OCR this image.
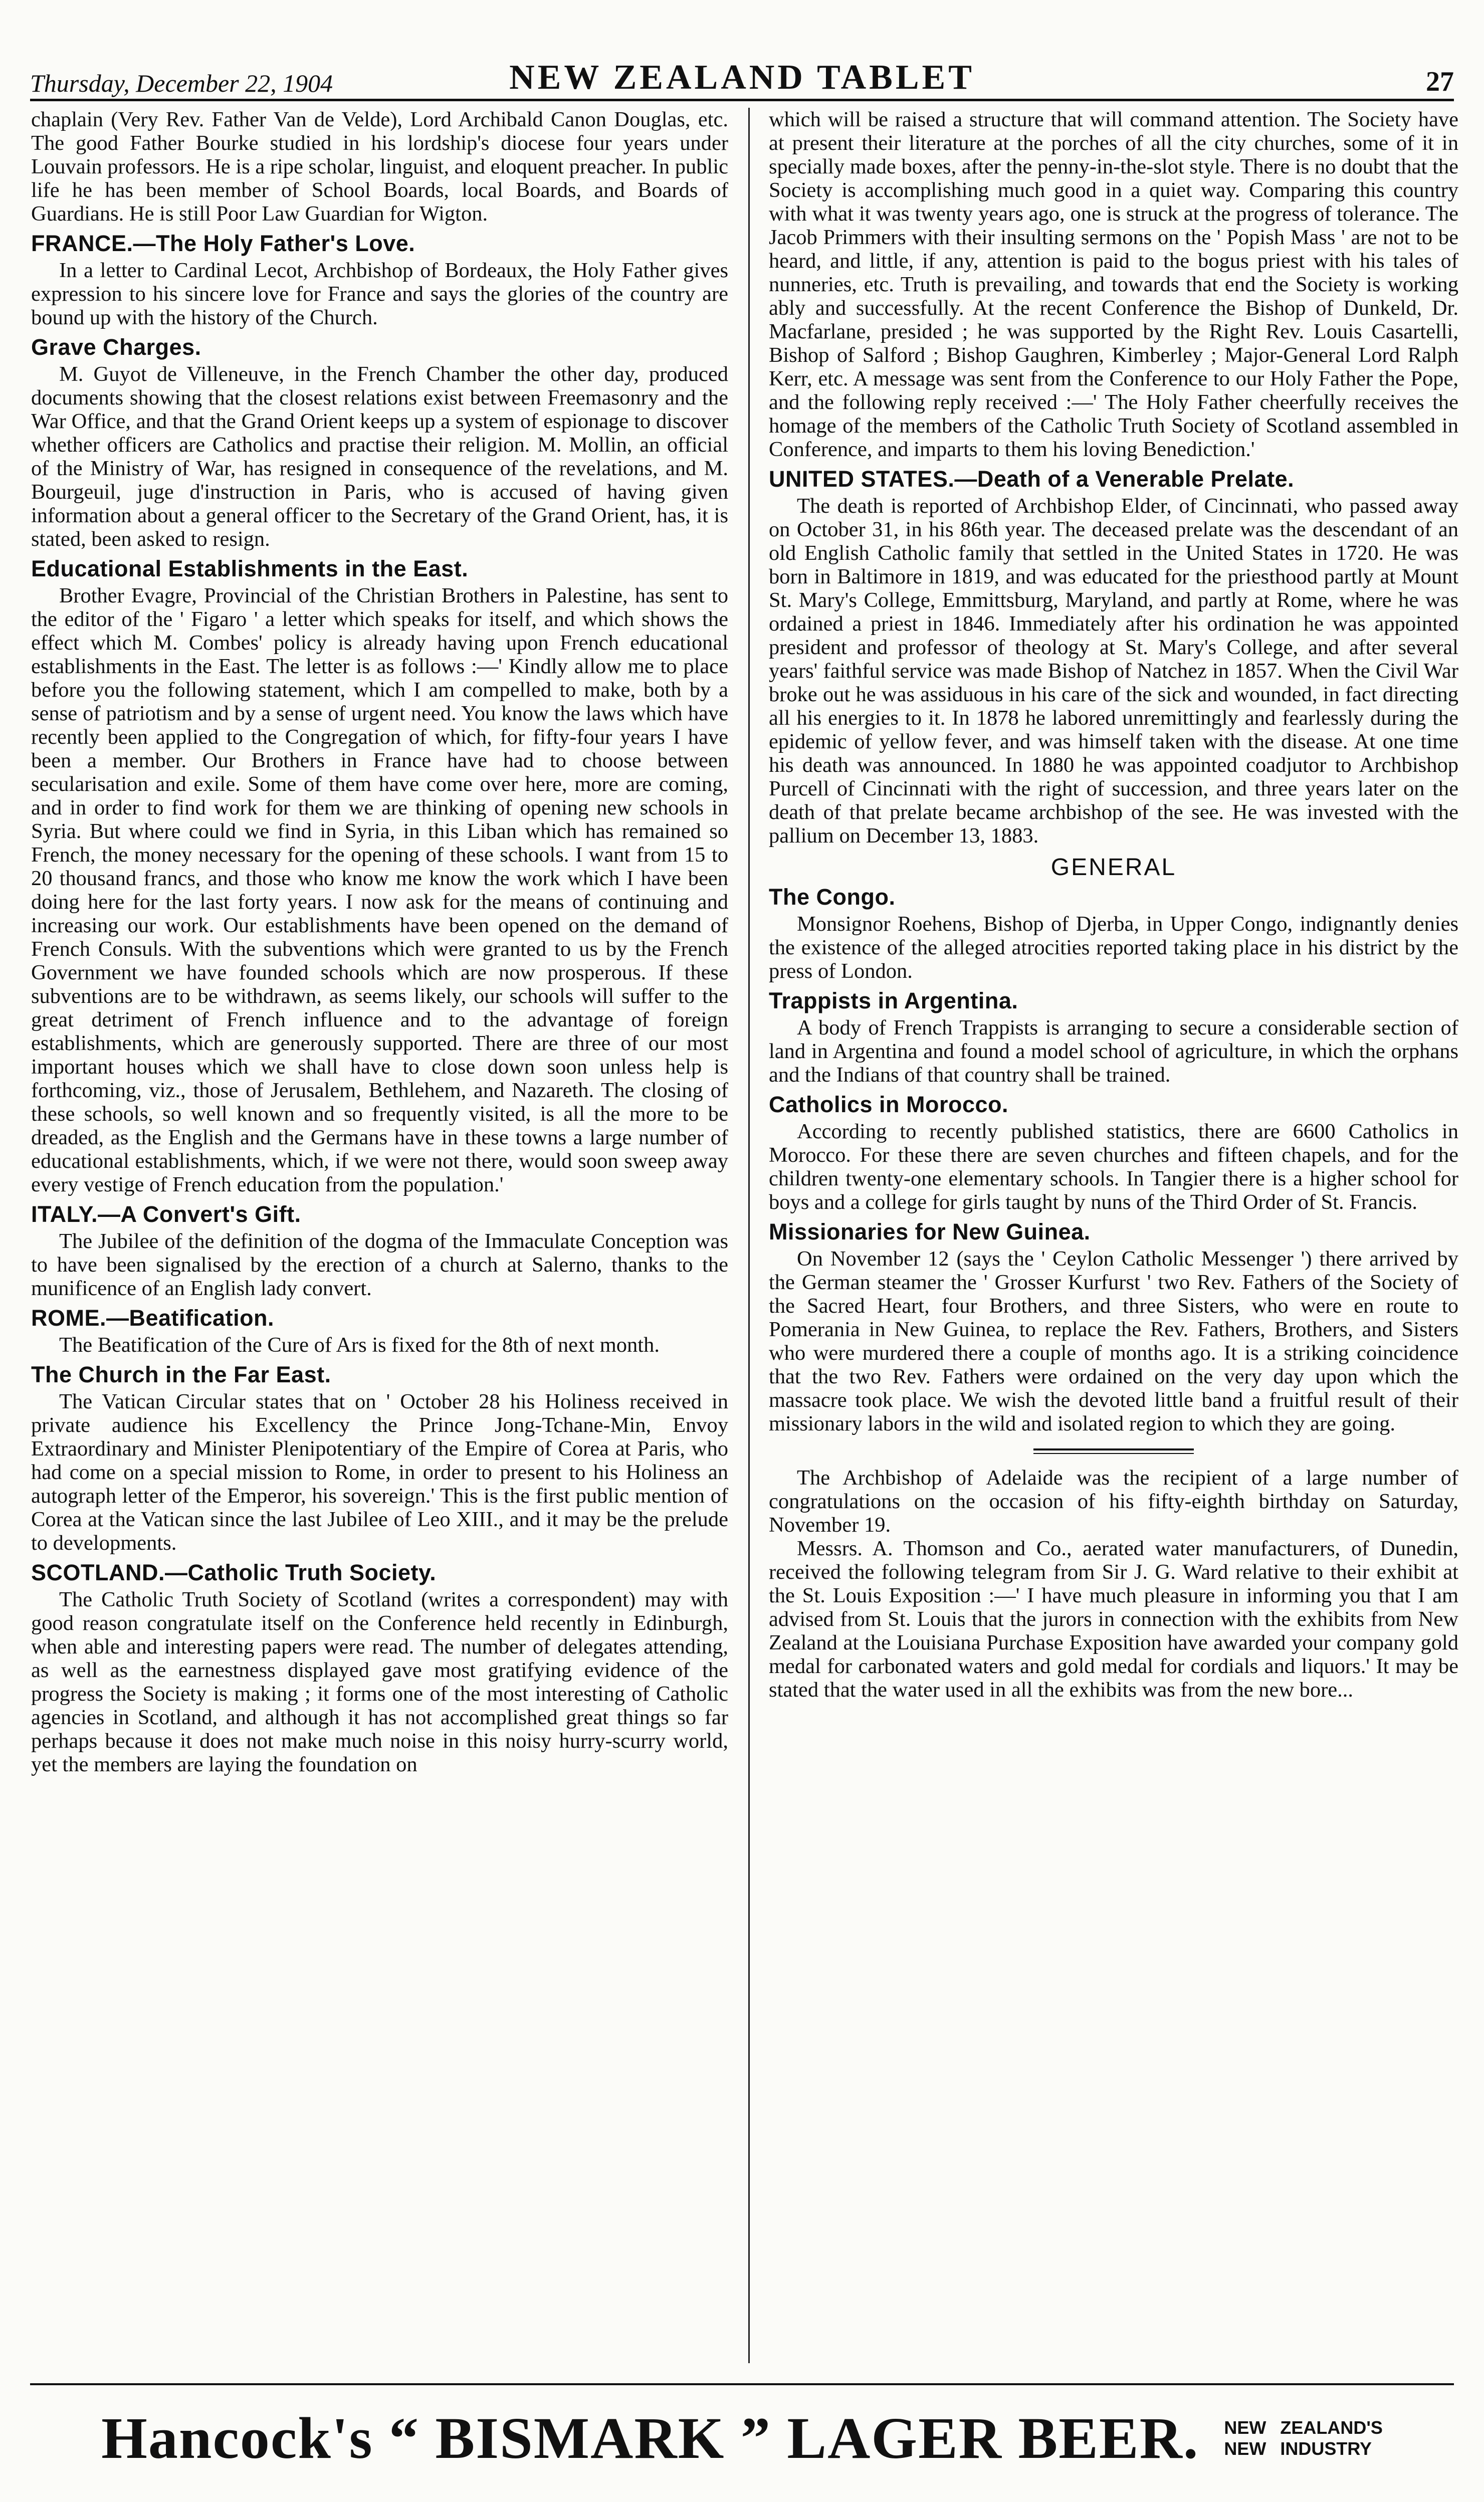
Thursday, December 22, 1904	NEW ZEALAND TABLET	27

chaplain (Very Rev. Father Van de Velde), Lord Archibald Canon Douglas, etc. The good Father Bourke studied in his lordship's diocese four years under Louvain professors. He is a ripe scholar, linguist, and eloquent preacher. In public life he has been member of School Boards, local Boards, and Boards of Guardians. He is still Poor Law Guardian for Wigton.

FRANCE.—The Holy Father's Love.

In a letter to Cardinal Lecot, Archbishop of Bordeaux, the Holy Father gives expression to his sincere love for France and says the glories of the country are bound up with the history of the Church.

Grave Charges.

M. Guyot de Villeneuve, in the French Chamber the other day, produced documents showing that the closest relations exist between Freemasonry and the War Office, and that the Grand Orient keeps up a system of espionage to discover whether officers are Catholics and practise their religion. M. Mollin, an official of the Ministry of War, has resigned in consequence of the revelations, and M. Bourgeuil, juge d'instruction in Paris, who is accused of having given information about a general officer to the Secretary of the Grand Orient, has, it is stated, been asked to resign.

Educational Establishments in the East.

Brother Evagre, Provincial of the Christian Brothers in Palestine, has sent to the editor of the ' Figaro ' a letter which speaks for itself, and which shows the effect which M. Combes' policy is already having upon French educational establishments in the East. The letter is as follows :—' Kindly allow me to place before you the following statement, which I am compelled to make, both by a sense of patriotism and by a sense of urgent need. You know the laws which have recently been applied to the Congregation of which, for fifty-four years I have been a member. Our Brothers in France have had to choose between secularisation and exile. Some of them have come over here, more are coming, and in order to find work for them we are thinking of opening new schools in Syria. But where could we find in Syria, in this Liban which has remained so French, the money necessary for the opening of these schools. I want from 15 to 20 thousand francs, and those who know me know the work which I have been doing here for the last forty years. I now ask for the means of continuing and increasing our work. Our establishments have been opened on the demand of French Consuls. With the subventions which were granted to us by the French Government we have founded schools which are now prosperous. If these subventions are to be withdrawn, as seems likely, our schools will suffer to the great detriment of French influence and to the advantage of foreign establishments, which are generously supported. There are three of our most important houses which we shall have to close down soon unless help is forthcoming, viz., those of Jerusalem, Bethlehem, and Nazareth. The closing of these schools, so well known and so frequently visited, is all the more to be dreaded, as the English and the Germans have in these towns a large number of educational establishments, which, if we were not there, would soon sweep away every vestige of French education from the population.'

ITALY.—A Convert's Gift.

The Jubilee of the definition of the dogma of the Immaculate Conception was to have been signalised by the erection of a church at Salerno, thanks to the munificence of an English lady convert.

ROME.—Beatification.

The Beatification of the Cure of Ars is fixed for the 8th of next month.

The Church in the Far East.

The Vatican Circular states that on ' October 28 his Holiness received in private audience his Excellency the Prince Jong-Tchane-Min, Envoy Extraordinary and Minister Plenipotentiary of the Empire of Corea at Paris, who had come on a special mission to Rome, in order to present to his Holiness an autograph letter of the Emperor, his sovereign.' This is the first public mention of Corea at the Vatican since the last Jubilee of Leo XIII., and it may be the prelude to developments.

SCOTLAND.—Catholic Truth Society.

The Catholic Truth Society of Scotland (writes a correspondent) may with good reason congratulate itself on the Conference held recently in Edinburgh, when able and interesting papers were read. The number of delegates attending, as well as the earnestness displayed gave most gratifying evidence of the progress the Society is making ; it forms one of the most interesting of Catholic agencies in Scotland, and although it has not accomplished great things so far perhaps because it does not make much noise in this noisy hurry-scurry world, yet the members are laying the foundation on

which will be raised a structure that will command attention. The Society have at present their literature at the porches of all the city churches, some of it in specially made boxes, after the penny-in-the-slot style. There is no doubt that the Society is accomplishing much good in a quiet way. Comparing this country with what it was twenty years ago, one is struck at the progress of tolerance. The Jacob Primmers with their insulting sermons on the ' Popish Mass ' are not to be heard, and little, if any, attention is paid to the bogus priest with his tales of nunneries, etc. Truth is prevailing, and towards that end the Society is working ably and successfully. At the recent Conference the Bishop of Dunkeld, Dr. Macfarlane, presided ; he was supported by the Right Rev. Louis Casartelli, Bishop of Salford ; Bishop Gaughren, Kimberley ; Major-General Lord Ralph Kerr, etc. A message was sent from the Conference to our Holy Father the Pope, and the following reply received :—' The Holy Father cheerfully receives the homage of the members of the Catholic Truth Society of Scotland assembled in Conference, and imparts to them his loving Benediction.'

UNITED STATES.—Death of a Venerable Prelate.

The death is reported of Archbishop Elder, of Cincinnati, who passed away on October 31, in his 86th year. The deceased prelate was the descendant of an old English Catholic family that settled in the United States in 1720. He was born in Baltimore in 1819, and was educated for the priesthood partly at Mount St. Mary's College, Emmittsburg, Maryland, and partly at Rome, where he was ordained a priest in 1846. Immediately after his ordination he was appointed president and professor of theology at St. Mary's College, and after several years' faithful service was made Bishop of Natchez in 1857. When the Civil War broke out he was assiduous in his care of the sick and wounded, in fact directing all his energies to it. In 1878 he labored unremittingly and fearlessly during the epidemic of yellow fever, and was himself taken with the disease. At one time his death was announced. In 1880 he was appointed coadjutor to Archbishop Purcell of Cincinnati with the right of succession, and three years later on the death of that prelate became archbishop of the see. He was invested with the pallium on December 13, 1883.

GENERAL
The Congo.

Monsignor Roehens, Bishop of Djerba, in Upper Congo, indignantly denies the existence of the alleged atrocities reported taking place in his district by the press of London.

Trappists in Argentina.

A body of French Trappists is arranging to secure a considerable section of land in Argentina and found a model school of agriculture, in which the orphans and the Indians of that country shall be trained.

Catholics in Morocco.

According to recently published statistics, there are 6600 Catholics in Morocco. For these there are seven churches and fifteen chapels, and for the children twenty-one elementary schools. In Tangier there is a higher school for boys and a college for girls taught by nuns of the Third Order of St. Francis.

Missionaries for New Guinea.

On November 12 (says the ' Ceylon Catholic Messenger ') there arrived by the German steamer the ' Grosser Kurfurst ' two Rev. Fathers of the Society of the Sacred Heart, four Brothers, and three Sisters, who were en route to Pomerania in New Guinea, to replace the Rev. Fathers, Brothers, and Sisters who were murdered there a couple of months ago. It is a striking coincidence that the two Rev. Fathers were ordained on the very day upon which the massacre took place. We wish the devoted little band a fruitful result of their missionary labors in the wild and isolated region to which they are going.

The Archbishop of Adelaide was the recipient of a large number of congratulations on the occasion of his fifty-eighth birthday on Saturday, November 19.

Messrs. A. Thomson and Co., aerated water manufacturers, of Dunedin, received the following telegram from Sir J. G. Ward relative to their exhibit at the St. Louis Exposition :—' I have much pleasure in informing you that I am advised from St. Louis that the jurors in connection with the exhibits from New Zealand at the Louisiana Purchase Exposition have awarded your company gold medal for carbonated waters and gold medal for cordials and liquors.' It may be stated that the water used in all the exhibits was from the new bore...

Hancock's “ BISMARK ” LAGER BEER. NEW ZEALAND'S
NEW INDUSTRY
